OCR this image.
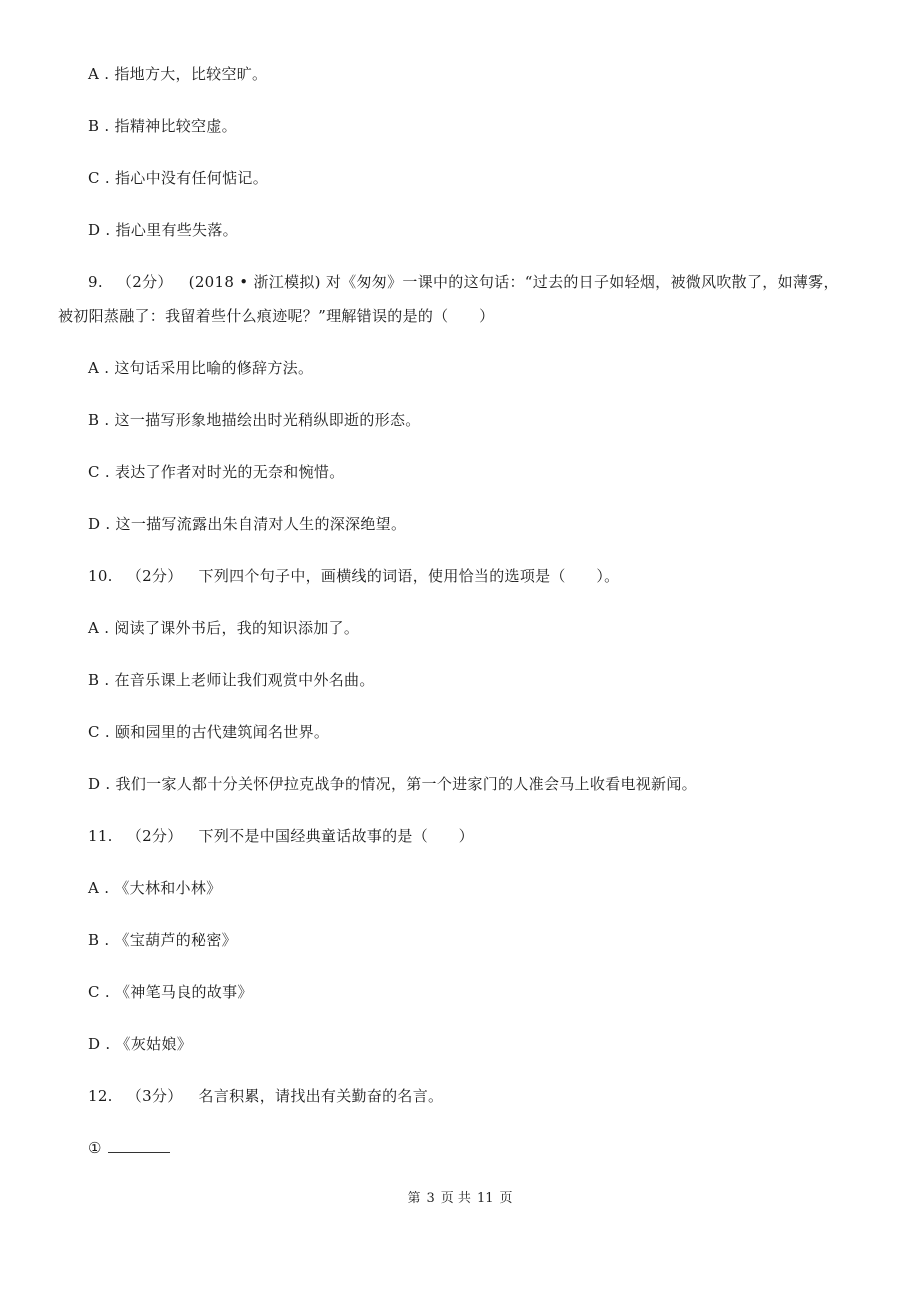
A . 指地方大，比较空旷。
B . 指精神比较空虚。
C . 指心中没有任何惦记。
D . 指心里有些失落。
9. （2分） (2018 • 浙江模拟) 对《匆匆》一课中的这句话：“过去的日子如轻烟，被微风吹散了，如薄雾，
被初阳蒸融了：我留着些什么痕迹呢？”理解错误的是的（　　）
A . 这句话采用比喻的修辞方法。
B . 这一描写形象地描绘出时光稍纵即逝的形态。
C . 表达了作者对时光的无奈和惋惜。
D . 这一描写流露出朱自清对人生的深深绝望。
10. （2分） 下列四个句子中，画横线的词语，使用恰当的选项是（　　）。
A . 阅读了课外书后，我的知识添加了。
B . 在音乐课上老师让我们观赏中外名曲。
C . 颐和园里的古代建筑闻名世界。
D . 我们一家人都十分关怀伊拉克战争的情况，第一个进家门的人准会马上收看电视新闻。
11. （2分） 下列不是中国经典童话故事的是（　　）
A . 《大林和小林》
B . 《宝葫芦的秘密》
C . 《神笔马良的故事》
D . 《灰姑娘》
12. （3分） 名言积累，请找出有关勤奋的名言。
①
第 3 页 共 11 页
